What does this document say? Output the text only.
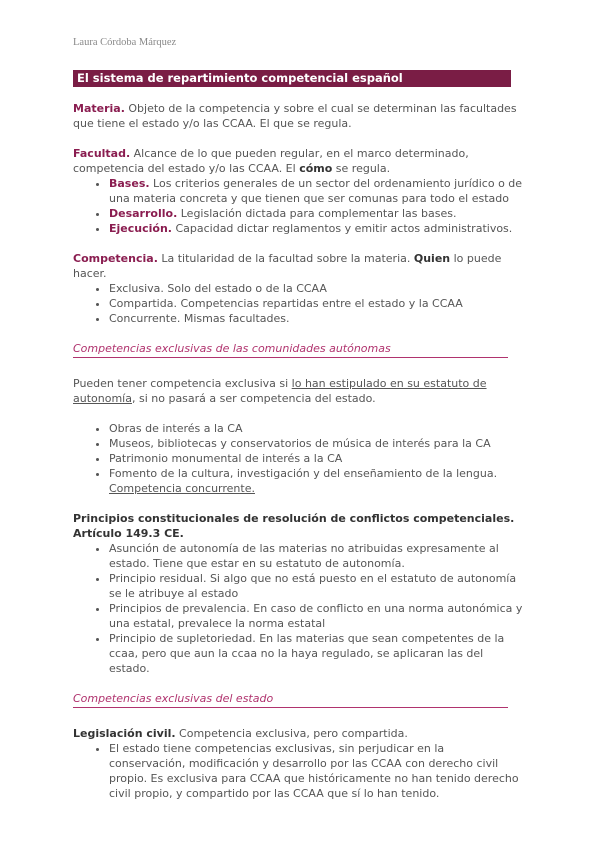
Laura Córdoba Márquez
El sistema de repartimiento competencial español

Materia. Objeto de la competencia y sobre el cual se determinan las facultades que tiene el estado y/o las CCAA. El que se regula.

Facultad. Alcance de lo que pueden regular, en el marco determinado, competencia del estado y/o las CCAA. El cómo se regula.

• Bases. Los criterios generales de un sector del ordenamiento jurídico o de una materia concreta y que tienen que ser comunas para todo el estado
• Desarrollo. Legislación dictada para complementar las bases.
• Ejecución. Capacidad dictar reglamentos y emitir actos administrativos.

Competencia. La titularidad de la facultad sobre la materia. Quien lo puede hacer.

• Exclusiva. Solo del estado o de la CCAA
• Compartida. Competencias repartidas entre el estado y la CCAA
• Concurrente. Mismas facultades.
Competencias exclusivas de las comunidades autónomas

Pueden tener competencia exclusiva si lo han estipulado en su estatuto de autonomía, si no pasará a ser competencia del estado.

• Obras de interés a la CA
• Museos, bibliotecas y conservatorios de música de interés para la CA
• Patrimonio monumental de interés a la CA
• Fomento de la cultura, investigación y del enseñamiento de la lengua. Competencia concurrente.

Principios constitucionales de resolución de conflictos competenciales. Artículo 149.3 CE.

• Asunción de autonomía de las materias no atribuidas expresamente al estado. Tiene que estar en su estatuto de autonomía.
• Principio residual. Si algo que no está puesto en el estatuto de autonomía se le atribuye al estado
• Principios de prevalencia. En caso de conflicto en una norma autonómica y una estatal, prevalece la norma estatal
• Principio de supletoriedad. En las materias que sean competentes de la ccaa, pero que aun la ccaa no la haya regulado, se aplicaran las del estado.
Competencias exclusivas del estado

Legislación civil. Competencia exclusiva, pero compartida.

• El estado tiene competencias exclusivas, sin perjudicar en la conservación, modificación y desarrollo por las CCAA con derecho civil propio. Es exclusiva para CCAA que históricamente no han tenido derecho civil propio, y compartido por las CCAA que sí lo han tenido.
